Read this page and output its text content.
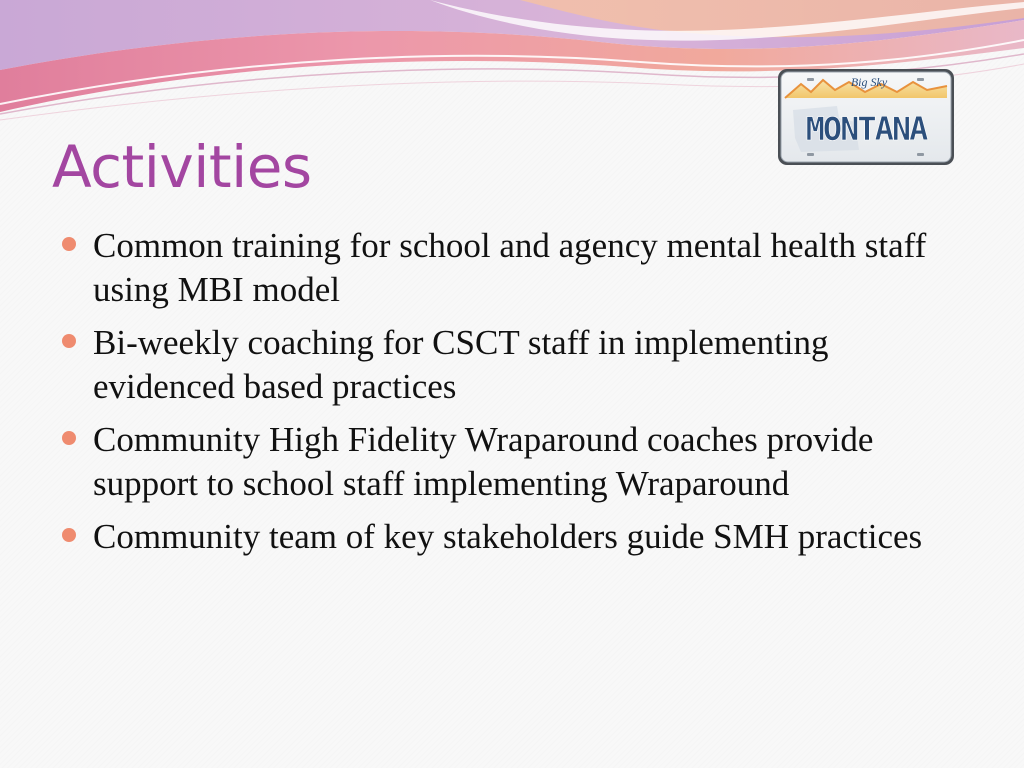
Big Sky
MONTANA
Activities
Common training for school and agency mental health staff using MBI model
Bi-weekly coaching for CSCT staff in implementing evidenced based practices
Community High Fidelity Wraparound coaches provide support to school staff implementing Wraparound
Community team of key stakeholders guide SMH practices
